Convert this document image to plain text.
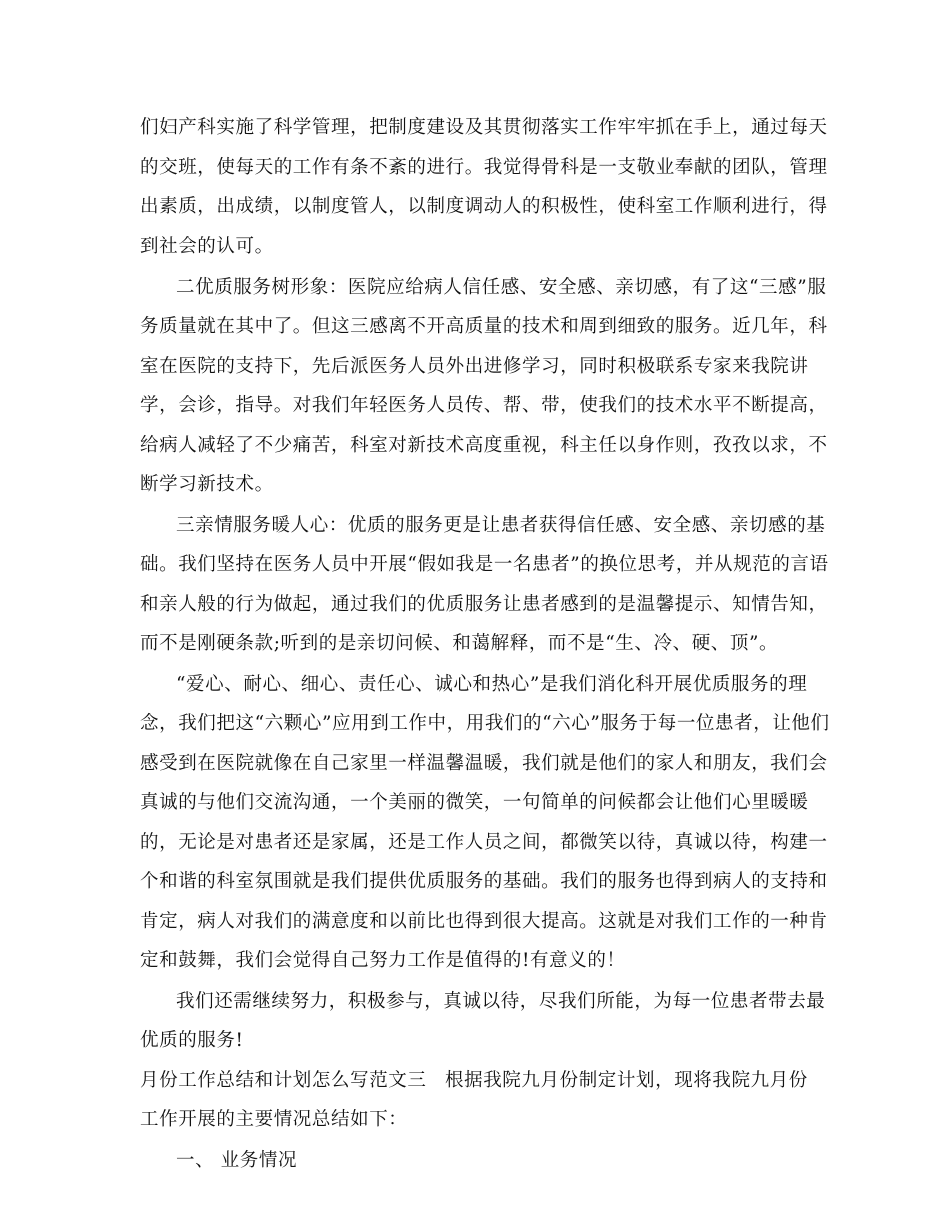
们妇产科实施了科学管理，把制度建设及其贯彻落实工作牢牢抓在手上，通过每天

的交班，使每天的工作有条不紊的进行。我觉得骨科是一支敬业奉献的团队，管理

出素质，出成绩，以制度管人，以制度调动人的积极性，使科室工作顺利进行，得

到社会的认可。

二优质服务树形象：医院应给病人信任感、安全感、亲切感，有了这“三感”服

务质量就在其中了。但这三感离不开高质量的技术和周到细致的服务。近几年，科

室在医院的支持下，先后派医务人员外出进修学习，同时积极联系专家来我院讲

学，会诊，指导。对我们年轻医务人员传、帮、带，使我们的技术水平不断提高，

给病人减轻了不少痛苦，科室对新技术高度重视，科主任以身作则，孜孜以求，不

断学习新技术。

三亲情服务暖人心：优质的服务更是让患者获得信任感、安全感、亲切感的基

础。我们坚持在医务人员中开展“假如我是一名患者”的换位思考，并从规范的言语

和亲人般的行为做起，通过我们的优质服务让患者感到的是温馨提示、知情告知，

而不是刚硬条款;听到的是亲切问候、和蔼解释，而不是“生、冷、硬、顶”。

“爱心、耐心、细心、责任心、诚心和热心”是我们消化科开展优质服务的理

念，我们把这“六颗心”应用到工作中，用我们的“六心”服务于每一位患者，让他们

感受到在医院就像在自己家里一样温馨温暖，我们就是他们的家人和朋友，我们会

真诚的与他们交流沟通，一个美丽的微笑，一句简单的问候都会让他们心里暖暖

的，无论是对患者还是家属，还是工作人员之间，都微笑以待，真诚以待，构建一

个和谐的科室氛围就是我们提供优质服务的基础。我们的服务也得到病人的支持和

肯定，病人对我们的满意度和以前比也得到很大提高。这就是对我们工作的一种肯

定和鼓舞，我们会觉得自己努力工作是值得的!有意义的！

我们还需继续努力，积极参与，真诚以待，尽我们所能，为每一位患者带去最

优质的服务!

月份工作总结和计划怎么写范文三 根据我院九月份制定计划，现将我院九月份

工作开展的主要情况总结如下：

一、 业务情况
